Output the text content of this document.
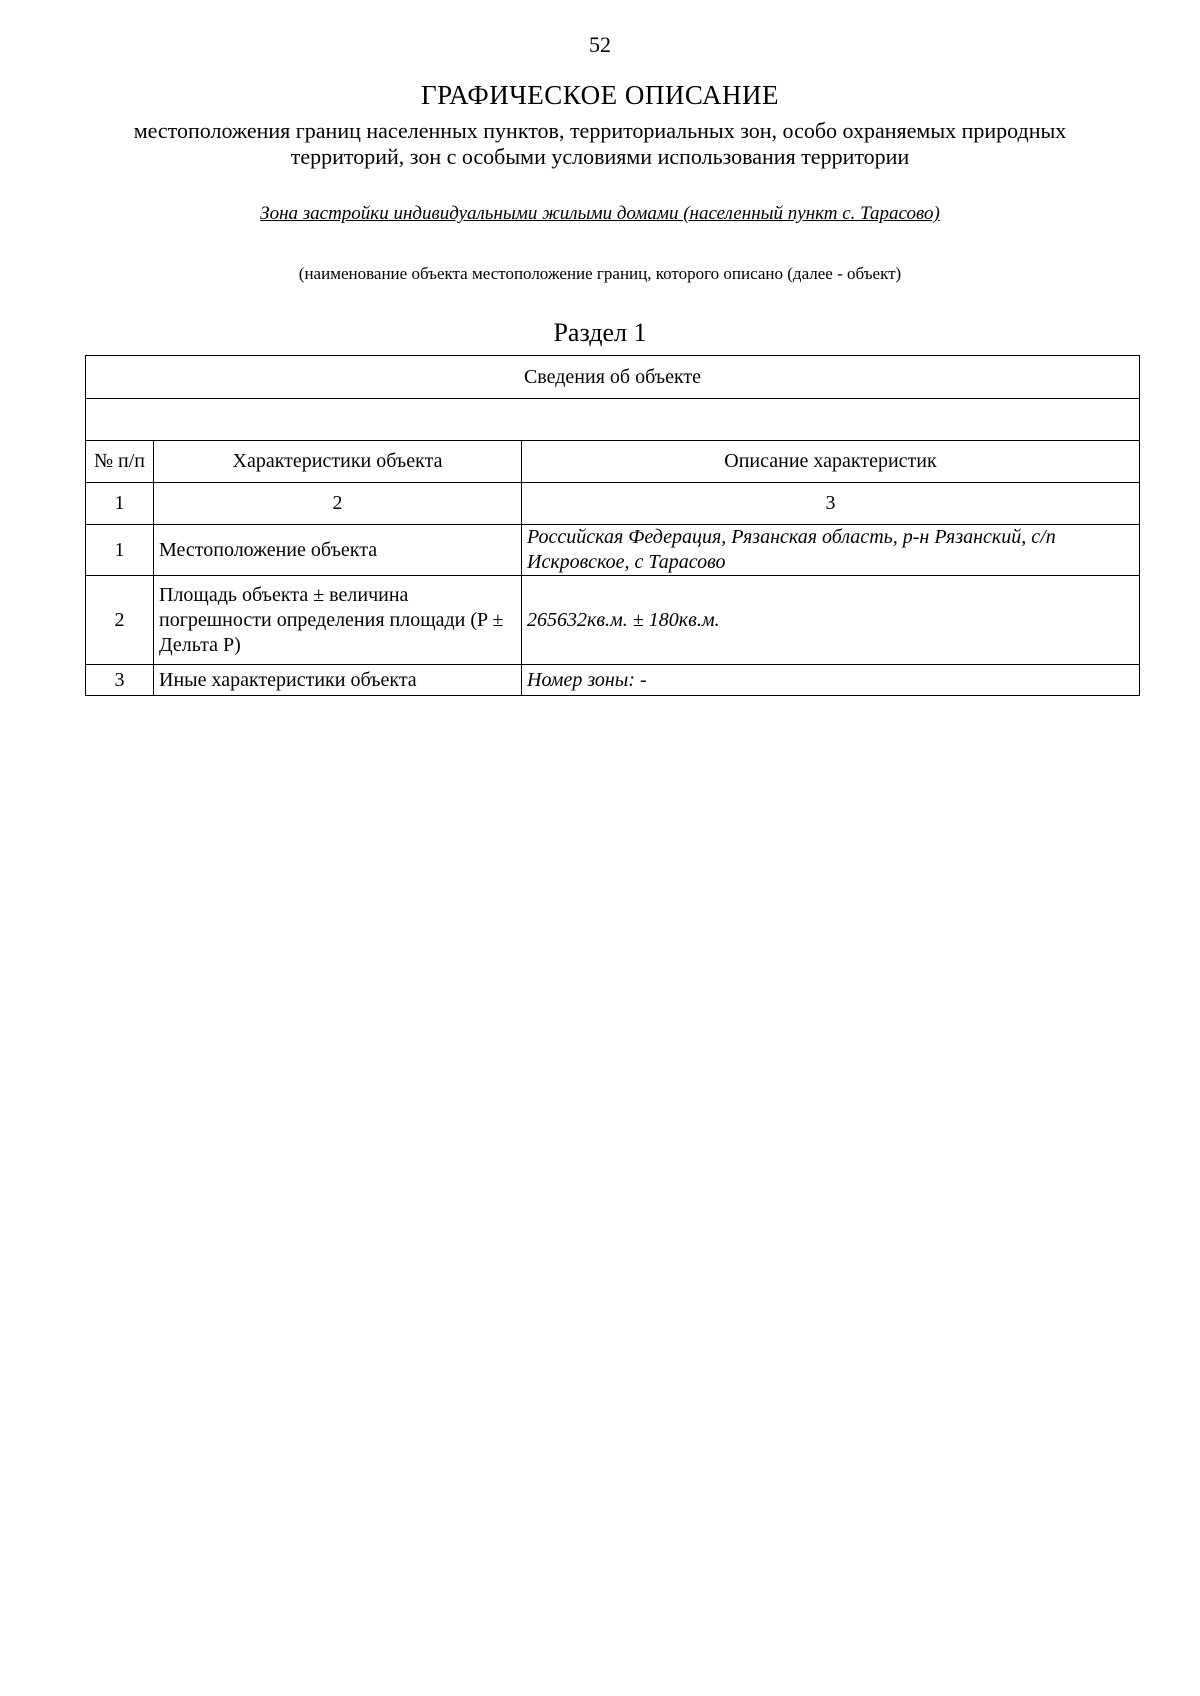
52
ГРАФИЧЕСКОЕ ОПИСАНИЕ
местоположения границ населенных пунктов, территориальных зон, особо охраняемых природных территорий, зон с особыми условиями использования территории
Зона застройки индивидуальными жилыми домами (населенный пункт с. Тарасово)
(наименование объекта местоположение границ, которого описано (далее - объект)
Раздел 1
Сведения об объекте		

№ п/п	Характеристики объекта	Описание характеристик
1	2	3
1	Местоположение объекта	Российская Федерация, Рязанская область, р-н Рязанский, с/п Искровское, с Тарасово
2	Площадь объекта ± величина погрешности определения площади (P ± Дельта P)	265632кв.м. ± 180кв.м.
3	Иные характеристики объекта	Номер зоны: -
